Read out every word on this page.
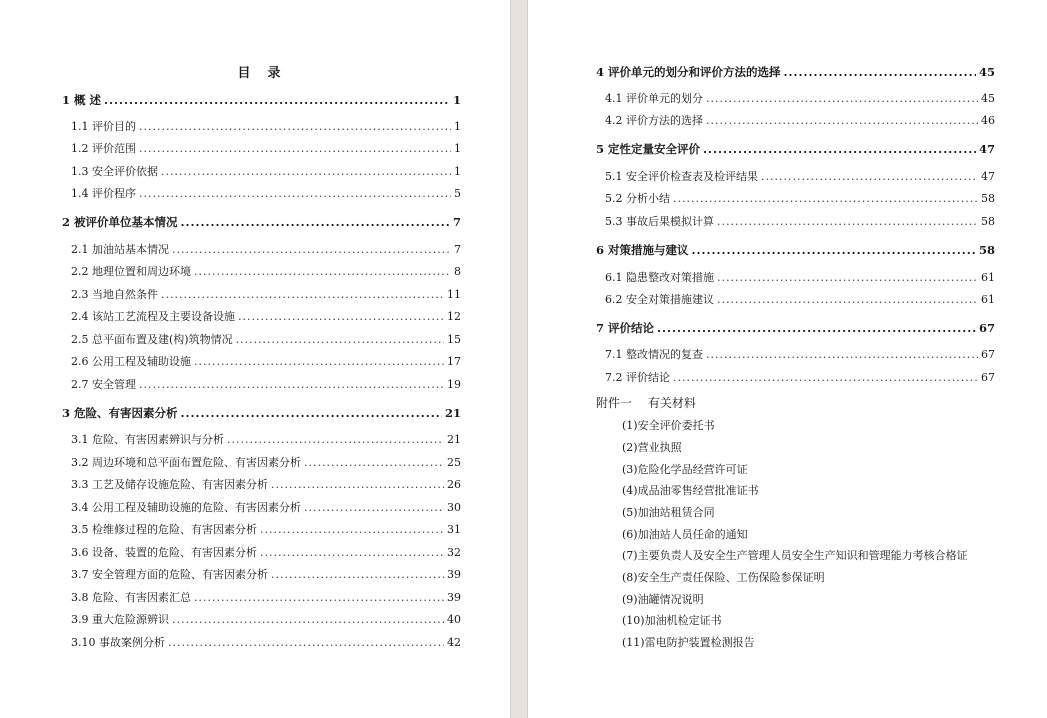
目　录
1 概 述 .....	1
1.1 评价目的 .....	1
1.2 评价范围 .....	1
1.3 安全评价依据 .....	1
1.4 评价程序 .....	5
2 被评价单位基本情况 .....	7
2.1 加油站基本情况 .....	7
2.2 地理位置和周边环境 .....	8
2.3 当地自然条件 .....	11
2.4 该站工艺流程及主要设备设施 .....	12
2.5 总平面布置及建(构)筑物情况 .....	15
2.6 公用工程及辅助设施 .....	17
2.7 安全管理 .....	19
3 危险、有害因素分析 .....	21
3.1 危险、有害因素辨识与分析 .....	21
3.2 周边环境和总平面布置危险、有害因素分析 .....	25
3.3 工艺及储存设施危险、有害因素分析 .....	26
3.4 公用工程及辅助设施的危险、有害因素分析 .....	30
3.5 检维修过程的危险、有害因素分析 .....	31
3.6 设备、装置的危险、有害因素分析 .....	32
3.7 安全管理方面的危险、有害因素分析 .....	39
3.8 危险、有害因素汇总 .....	39
3.9 重大危险源辨识 .....	40
3.10 事故案例分析 .....	42
4 评价单元的划分和评价方法的选择 .....	45
4.1 评价单元的划分 .....	45
4.2 评价方法的选择 .....	46
5 定性定量安全评价 .....	47
5.1 安全评价检查表及检评结果 .....	47
5.2 分析小结 .....	58
5.3 事故后果模拟计算 .....	58
6 对策措施与建议 .....	58
6.1 隐患整改对策措施 .....	61
6.2 安全对策措施建议 .....	61
7 评价结论 .....	67
7.1 整改情况的复查 .....	67
7.2 评价结论 .....	67
附件一　 有关材料
(1)安全评价委托书
(2)营业执照
(3)危险化学品经营许可证
(4)成品油零售经营批准证书
(5)加油站租赁合同
(6)加油站人员任命的通知
(7)主要负责人及安全生产管理人员安全生产知识和管理能力考核合格证
(8)安全生产责任保险、工伤保险参保证明
(9)油罐情况说明
(10)加油机检定证书
(11)雷电防护装置检测报告
